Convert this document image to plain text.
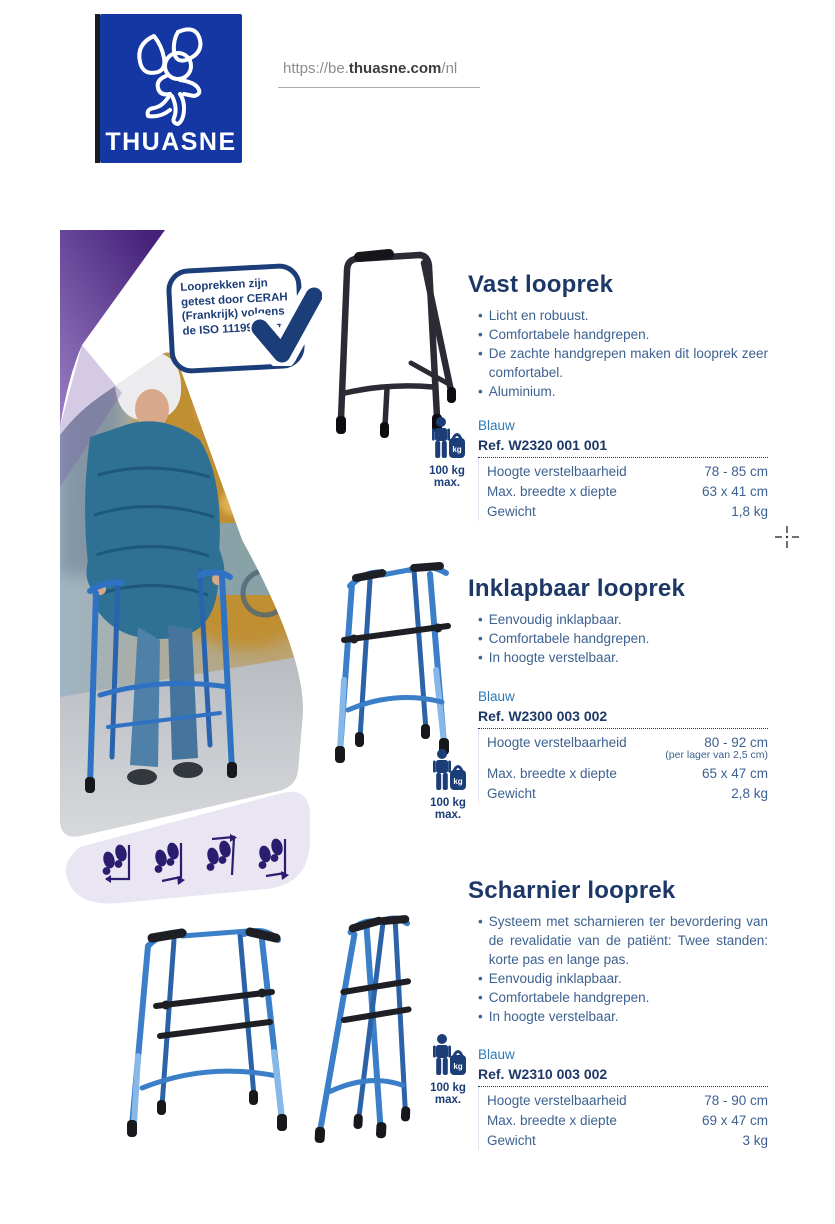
THUASNE
https://be.thuasne.com/nl
Looprekken zijn
getest door CERAH
(Frankrijk) volgens
de ISO 11199 norm
Vast looprek
• Licht en robuust.
• Comfortabele handgrepen.
• De zachte handgrepen maken dit looprek zeer comfortabel.
• Aluminium.
Blauw
Ref. W2320 001 001
Hoogte verstelbaarheid	78 - 85 cm
Max. breedte x diepte	63 x 41 cm
Gewicht	1,8 kg
Inklapbaar looprek
• Eenvoudig inklapbaar.
• Comfortabele handgrepen.
• In hoogte verstelbaar.
Blauw
Ref. W2300 003 002
Hoogte verstelbaarheid	80 - 92 cm
(per lager van 2,5 cm)
Max. breedte x diepte	65 x 47 cm
Gewicht	2,8 kg
Scharnier looprek
• Systeem met scharnieren ter bevordering van de revalidatie van de patiënt: Twee standen: korte pas en lange pas.
• Eenvoudig inklapbaar.
• Comfortabele handgrepen.
• In hoogte verstelbaar.
Blauw
Ref. W2310 003 002
Hoogte verstelbaarheid	78 - 90 cm
Max. breedte x diepte	69 x 47 cm
Gewicht	3 kg
kg
100 kg
max.
kg
100 kg
max.
kg
100 kg
max.
